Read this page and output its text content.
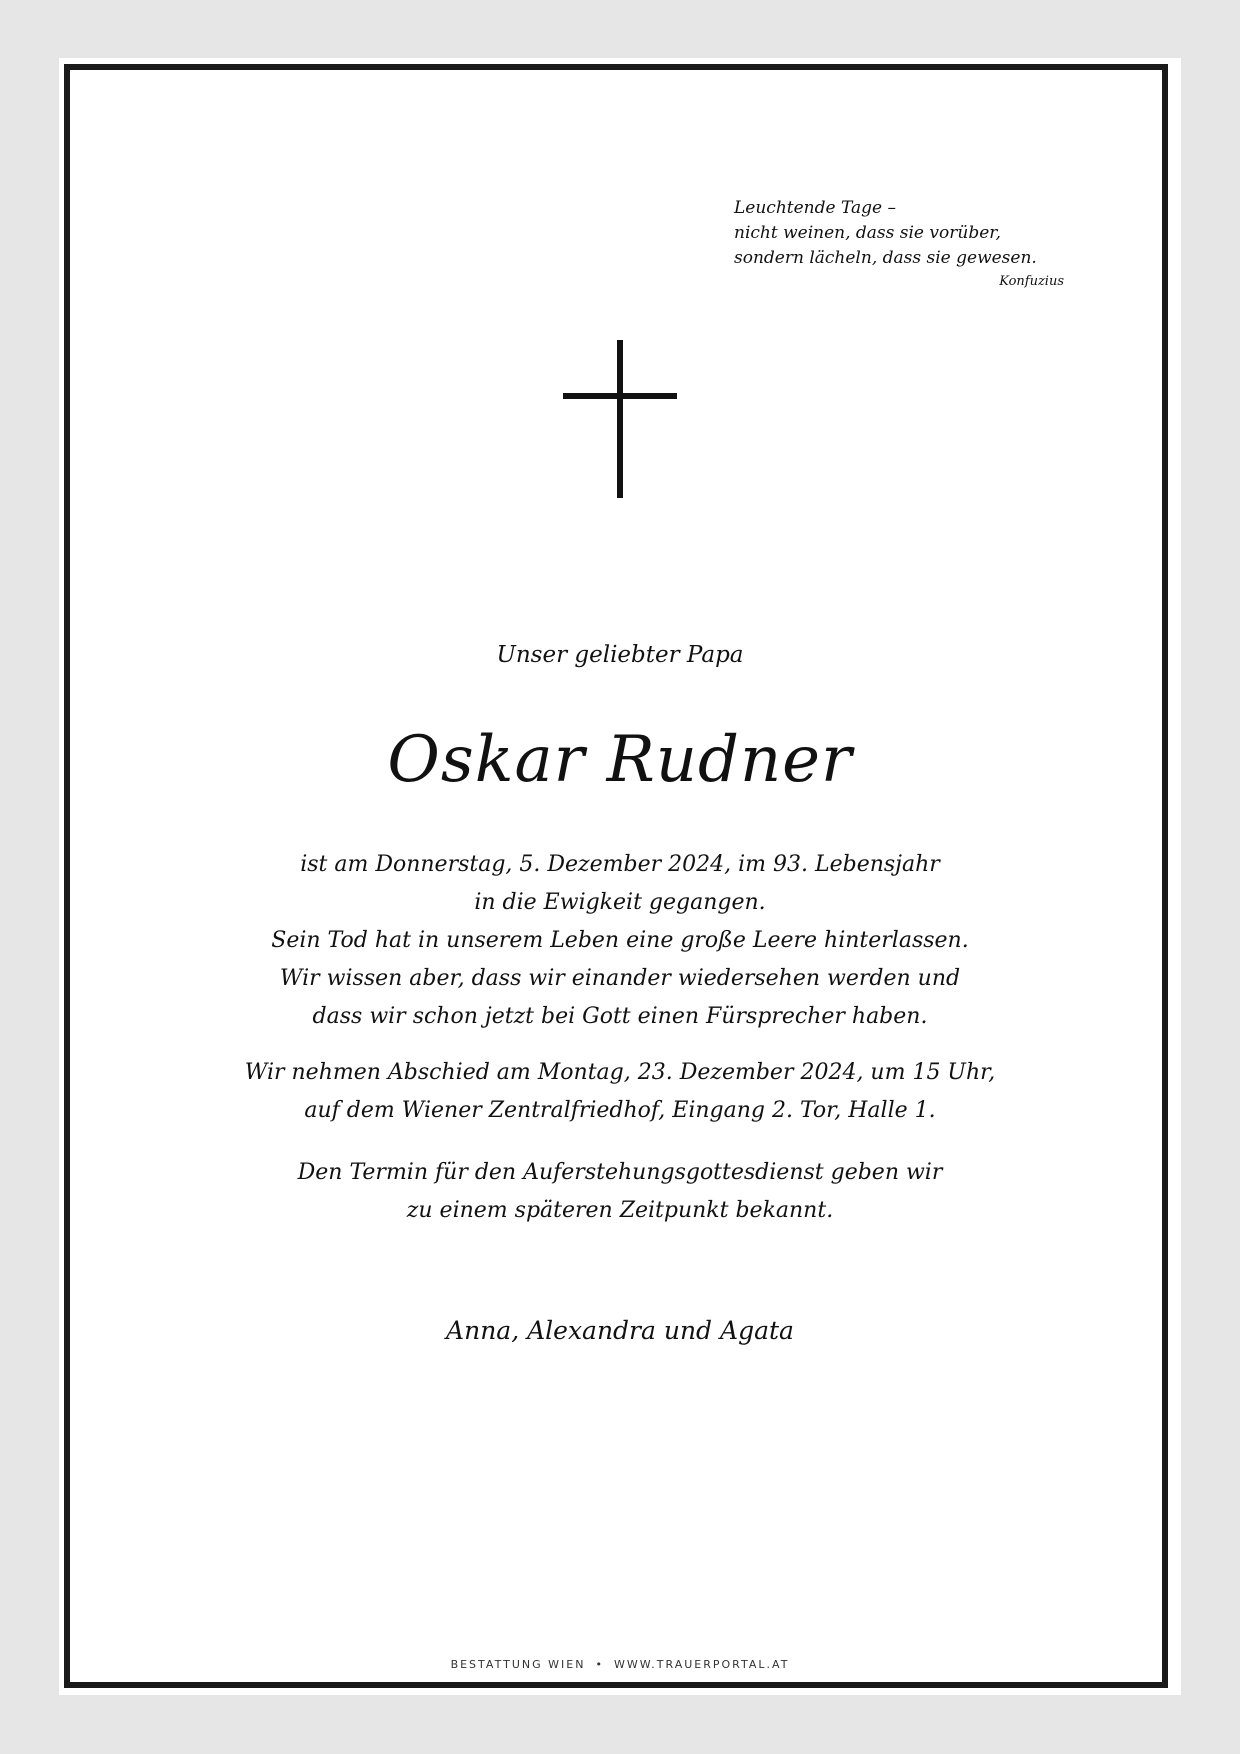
Leuchtende Tage –
nicht weinen, dass sie vorüber,
sondern lächeln, dass sie gewesen.
Konfuzius
Unser geliebter Papa
Oskar Rudner
ist am Donnerstag, 5. Dezember 2024, im 93. Lebensjahr
in die Ewigkeit gegangen.
Sein Tod hat in unserem Leben eine große Leere hinterlassen.
Wir wissen aber, dass wir einander wiedersehen werden und
dass wir schon jetzt bei Gott einen Fürsprecher haben.
Wir nehmen Abschied am Montag, 23. Dezember 2024, um 15 Uhr,
auf dem Wiener Zentralfriedhof, Eingang 2. Tor, Halle 1.
Den Termin für den Auferstehungsgottesdienst geben wir
zu einem späteren Zeitpunkt bekannt.
Anna, Alexandra und Agata
BESTATTUNG WIEN • WWW.TRAUERPORTAL.AT
